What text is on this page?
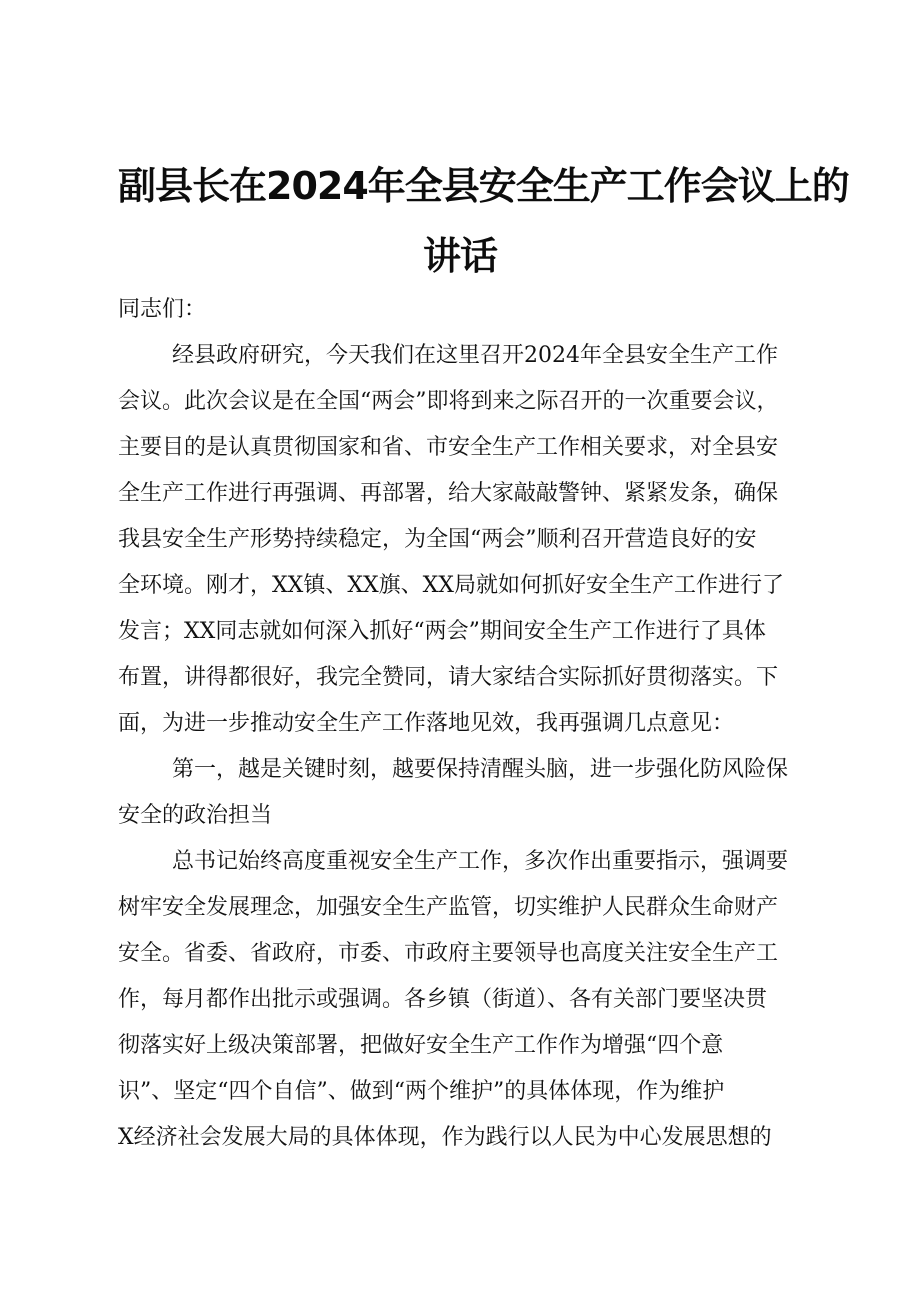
副县长在2024年全县安全生产工作会议上的
讲话
同志们：
经县政府研究，今天我们在这里召开2024年全县安全生产工作
会议。此次会议是在全国“两会”即将到来之际召开的一次重要会议，
主要目的是认真贯彻国家和省、市安全生产工作相关要求，对全县安
全生产工作进行再强调、再部署，给大家敲敲警钟、紧紧发条，确保
我县安全生产形势持续稳定，为全国“两会”顺利召开营造良好的安
全环境。刚才，XX镇、XX旗、XX局就如何抓好安全生产工作进行了
发言；XX同志就如何深入抓好“两会”期间安全生产工作进行了具体
布置，讲得都很好，我完全赞同，请大家结合实际抓好贯彻落实。下
面，为进一步推动安全生产工作落地见效，我再强调几点意见：
第一，越是关键时刻，越要保持清醒头脑，进一步强化防风险保
安全的政治担当
总书记始终高度重视安全生产工作，多次作出重要指示，强调要
树牢安全发展理念，加强安全生产监管，切实维护人民群众生命财产
安全。省委、省政府，市委、市政府主要领导也高度关注安全生产工
作，每月都作出批示或强调。各乡镇（街道）、各有关部门要坚决贯
彻落实好上级决策部署，把做好安全生产工作作为增强“四个意
识”、坚定“四个自信”、做到“两个维护”的具体体现，作为维护
X经济社会发展大局的具体体现，作为践行以人民为中心发展思想的
